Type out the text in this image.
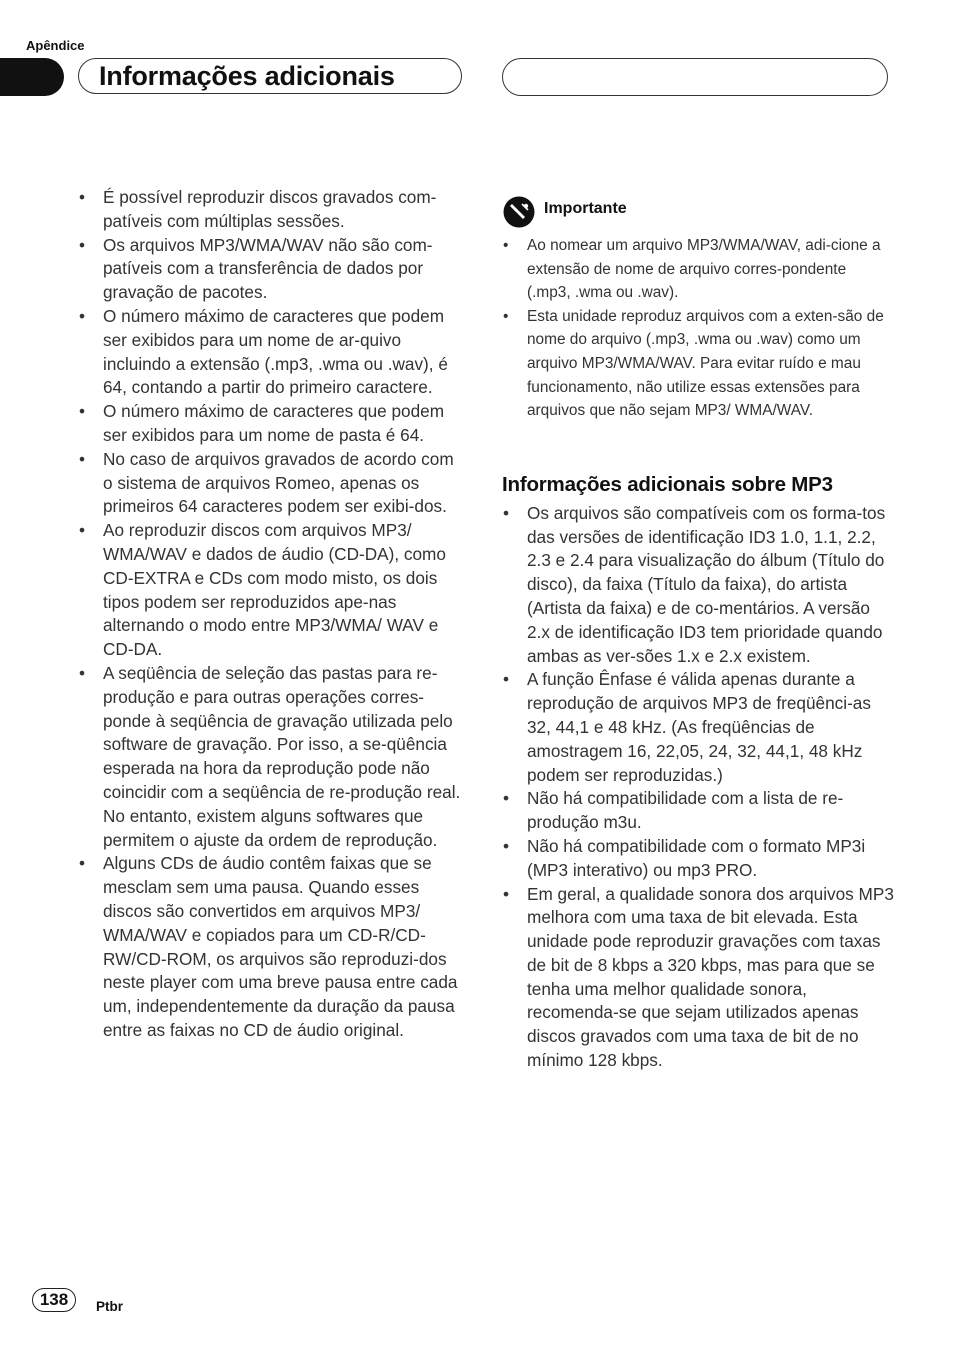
Apêndice
Informações adicionais
• É possível reproduzir discos gravados com-patíveis com múltiplas sessões.
• Os arquivos MP3/WMA/WAV não são com-patíveis com a transferência de dados por gravação de pacotes.
• O número máximo de caracteres que podem ser exibidos para um nome de ar-quivo incluindo a extensão (.mp3, .wma ou .wav), é 64, contando a partir do primeiro caractere.
• O número máximo de caracteres que podem ser exibidos para um nome de pasta é 64.
• No caso de arquivos gravados de acordo com o sistema de arquivos Romeo, apenas os primeiros 64 caracteres podem ser exibi-dos.
• Ao reproduzir discos com arquivos MP3/ WMA/WAV e dados de áudio (CD-DA), como CD-EXTRA e CDs com modo misto, os dois tipos podem ser reproduzidos ape-nas alternando o modo entre MP3/WMA/ WAV e CD-DA.
• A seqüência de seleção das pastas para re-produção e para outras operações corres-ponde à seqüência de gravação utilizada pelo software de gravação. Por isso, a se-qüência esperada na hora da reprodução pode não coincidir com a seqüência de re-produção real. No entanto, existem alguns softwares que permitem o ajuste da ordem de reprodução.
• Alguns CDs de áudio contêm faixas que se mesclam sem uma pausa. Quando esses discos são convertidos em arquivos MP3/ WMA/WAV e copiados para um CD-R/CD-RW/CD-ROM, os arquivos são reproduzi-dos neste player com uma breve pausa entre cada um, independentemente da duração da pausa entre as faixas no CD de áudio original.
Importante
• Ao nomear um arquivo MP3/WMA/WAV, adi-cione a extensão de nome de arquivo corres-pondente (.mp3, .wma ou .wav).
• Esta unidade reproduz arquivos com a exten-são de nome do arquivo (.mp3, .wma ou .wav) como um arquivo MP3/WMA/WAV. Para evitar ruído e mau funcionamento, não utilize essas extensões para arquivos que não sejam MP3/ WMA/WAV.
Informações adicionais sobre MP3
• Os arquivos são compatíveis com os forma-tos das versões de identificação ID3 1.0, 1.1, 2.2, 2.3 e 2.4 para visualização do álbum (Título do disco), da faixa (Título da faixa), do artista (Artista da faixa) e de co-mentários. A versão 2.x de identificação ID3 tem prioridade quando ambas as ver-sões 1.x e 2.x existem.
• A função Ênfase é válida apenas durante a reprodução de arquivos MP3 de freqüênci-as 32, 44,1 e 48 kHz. (As freqüências de amostragem 16, 22,05, 24, 32, 44,1, 48 kHz podem ser reproduzidas.)
• Não há compatibilidade com a lista de re-produção m3u.
• Não há compatibilidade com o formato MP3i (MP3 interativo) ou mp3 PRO.
• Em geral, a qualidade sonora dos arquivos MP3 melhora com uma taxa de bit elevada. Esta unidade pode reproduzir gravações com taxas de bit de 8 kbps a 320 kbps, mas para que se tenha uma melhor qualidade sonora, recomenda-se que sejam utilizados apenas discos gravados com uma taxa de bit de no mínimo 128 kbps.
138	Ptbr
